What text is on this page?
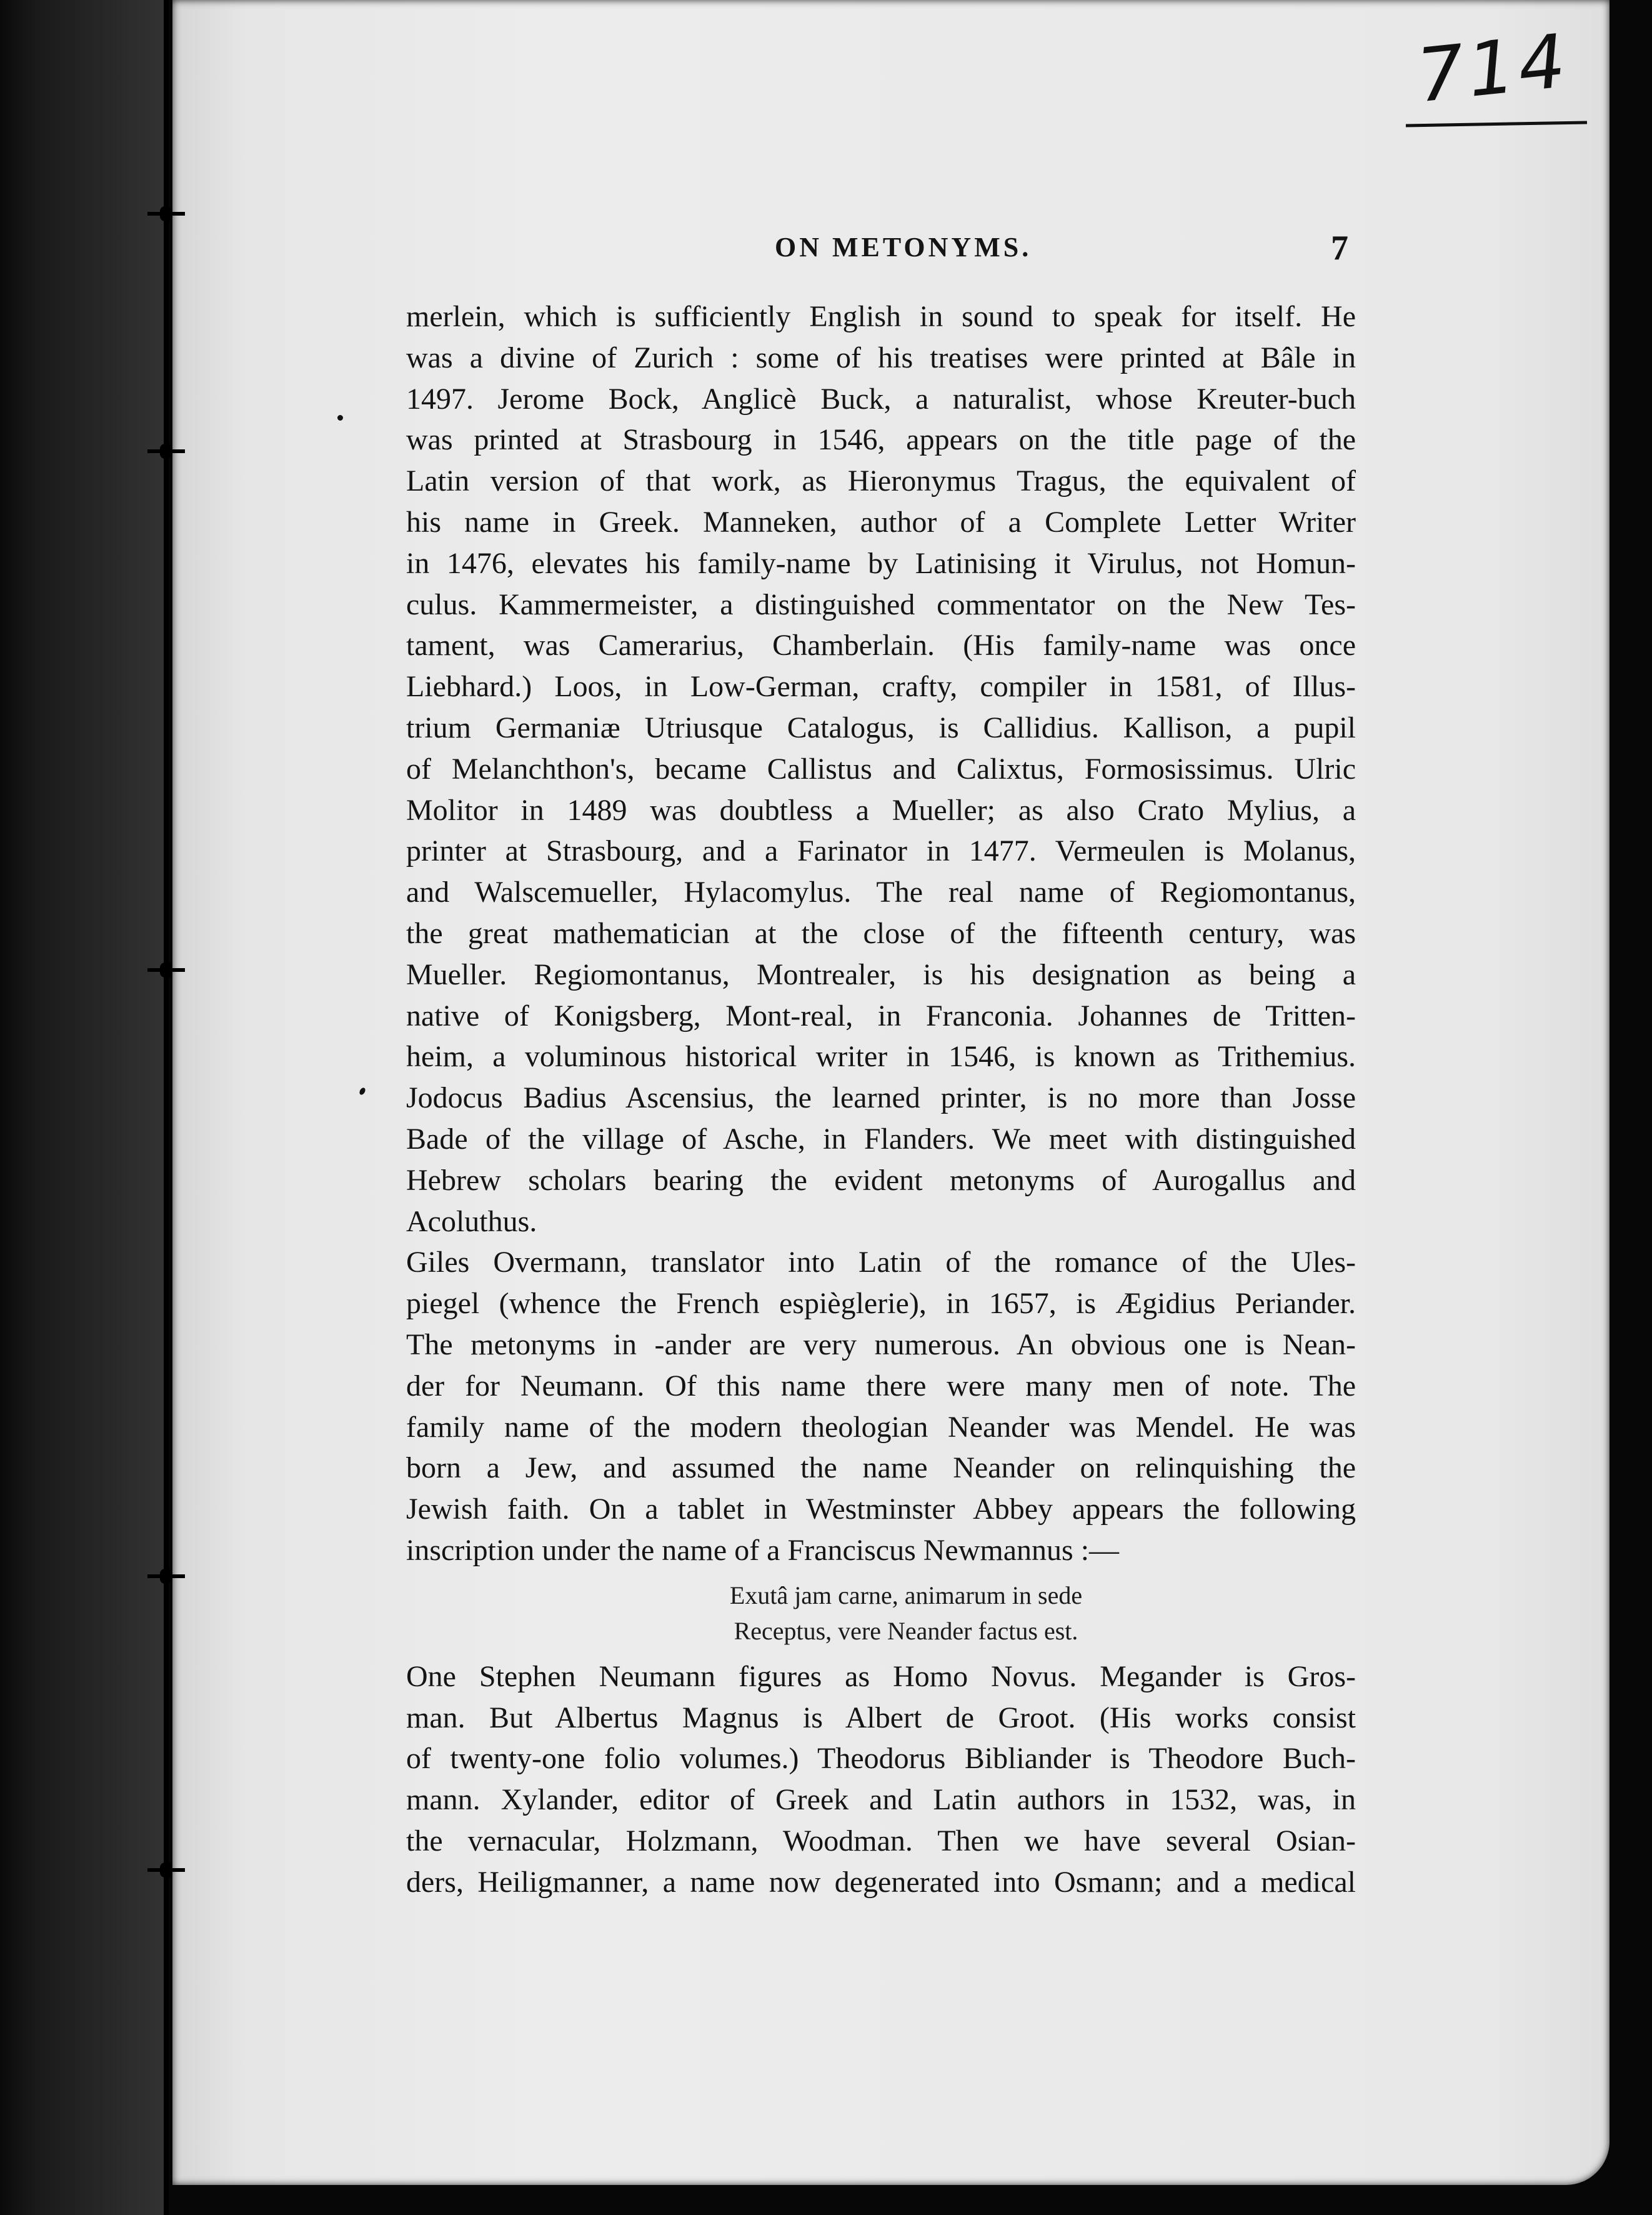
714
ON METONYMS.	7
merlein, which is sufficiently English in sound to speak for itself. He
was a divine of Zurich : some of his treatises were printed at Bâle in
1497. Jerome Bock, Anglicè Buck, a naturalist, whose Kreuter-buch
was printed at Strasbourg in 1546, appears on the title page of the
Latin version of that work, as Hieronymus Tragus, the equivalent of
his name in Greek. Manneken, author of a Complete Letter Writer
in 1476, elevates his family-name by Latinising it Virulus, not Homun-
culus. Kammermeister, a distinguished commentator on the New Tes-
tament, was Camerarius, Chamberlain. (His family-name was once
Liebhard.) Loos, in Low-German, crafty, compiler in 1581, of Illus-
trium Germaniæ Utriusque Catalogus, is Callidius. Kallison, a pupil
of Melanchthon's, became Callistus and Calixtus, Formosissimus. Ulric
Molitor in 1489 was doubtless a Mueller; as also Crato Mylius, a
printer at Strasbourg, and a Farinator in 1477. Vermeulen is Molanus,
and Walscemueller, Hylacomylus. The real name of Regiomontanus,
the great mathematician at the close of the fifteenth century, was
Mueller. Regiomontanus, Montrealer, is his designation as being a
native of Konigsberg, Mont-real, in Franconia. Johannes de Tritten-
heim, a voluminous historical writer in 1546, is known as Trithemius.
Jodocus Badius Ascensius, the learned printer, is no more than Josse
Bade of the village of Asche, in Flanders. We meet with distinguished
Hebrew scholars bearing the evident metonyms of Aurogallus and
Acoluthus.
Giles Overmann, translator into Latin of the romance of the Ules-
piegel (whence the French espièglerie), in 1657, is Ægidius Periander.
The metonyms in -ander are very numerous. An obvious one is Nean-
der for Neumann. Of this name there were many men of note. The
family name of the modern theologian Neander was Mendel. He was
born a Jew, and assumed the name Neander on relinquishing the
Jewish faith. On a tablet in Westminster Abbey appears the following
inscription under the name of a Franciscus Newmannus :—
Exutâ jam carne, animarum in sede
Receptus, vere Neander factus est.
One Stephen Neumann figures as Homo Novus. Megander is Gros-
man. But Albertus Magnus is Albert de Groot. (His works consist
of twenty-one folio volumes.) Theodorus Bibliander is Theodore Buch-
mann. Xylander, editor of Greek and Latin authors in 1532, was, in
the vernacular, Holzmann, Woodman. Then we have several Osian-
ders, Heiligmanner, a name now degenerated into Osmann; and a medical
